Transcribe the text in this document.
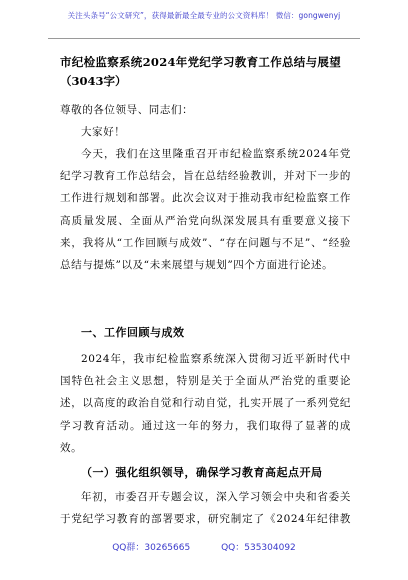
关注头条号“公文研究”，获得最新最全最专业的公文资料库！ 微信：gongwenyj
市纪检监察系统2024年党纪学习教育工作总结与展望
（3043字）

尊敬的各位领导、同志们：

大家好！

今天，我们在这里隆重召开市纪检监察系统2024年党纪学习教育工作总结会，旨在总结经验教训，并对下一步的工作进行规划和部署。此次会议对于推动我市纪检监察工作高质量发展、全面从严治党向纵深发展具有重要意义接下来，我将从“工作回顾与成效”、“存在问题与不足”、“经验总结与提炼”以及“未来展望与规划”四个方面进行论述。

一、工作回顾与成效

2024年，我市纪检监察系统深入贯彻习近平新时代中国特色社会主义思想，特别是关于全面从严治党的重要论述，以高度的政治自觉和行动自觉，扎实开展了一系列党纪学习教育活动。通过这一年的努力，我们取得了显著的成效。

（一）强化组织领导，确保学习教育高起点开局

年初，市委召开专题会议，深入学习领会中央和省委关于党纪学习教育的部署要求，研究制定了《2024年纪律教

QQ群：30265665	QQ：535304092
